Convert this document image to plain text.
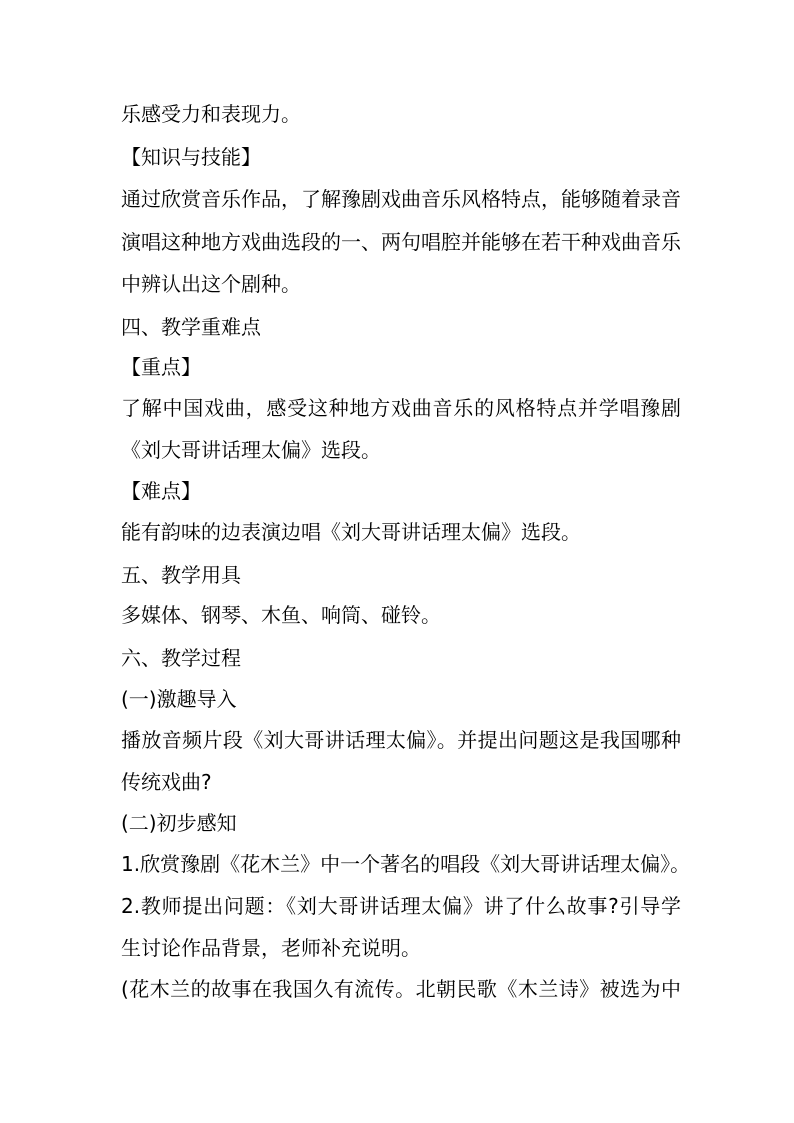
乐感受力和表现力。
【知识与技能】
通过欣赏音乐作品，了解豫剧戏曲音乐风格特点，能够随着录音
演唱这种地方戏曲选段的一、两句唱腔并能够在若干种戏曲音乐
中辨认出这个剧种。
四、教学重难点
【重点】
了解中国戏曲，感受这种地方戏曲音乐的风格特点并学唱豫剧
《刘大哥讲话理太偏》选段。
【难点】
能有韵味的边表演边唱《刘大哥讲话理太偏》选段。
五、教学用具
多媒体、钢琴、木鱼、响筒、碰铃。
六、教学过程
(一)激趣导入
播放音频片段《刘大哥讲话理太偏》。并提出问题这是我国哪种
传统戏曲?
(二)初步感知
1.欣赏豫剧《花木兰》中一个著名的唱段《刘大哥讲话理太偏》。
2.教师提出问题：《刘大哥讲话理太偏》讲了什么故事?引导学
生讨论作品背景，老师补充说明。
(花木兰的故事在我国久有流传。北朝民歌《木兰诗》被选为中
